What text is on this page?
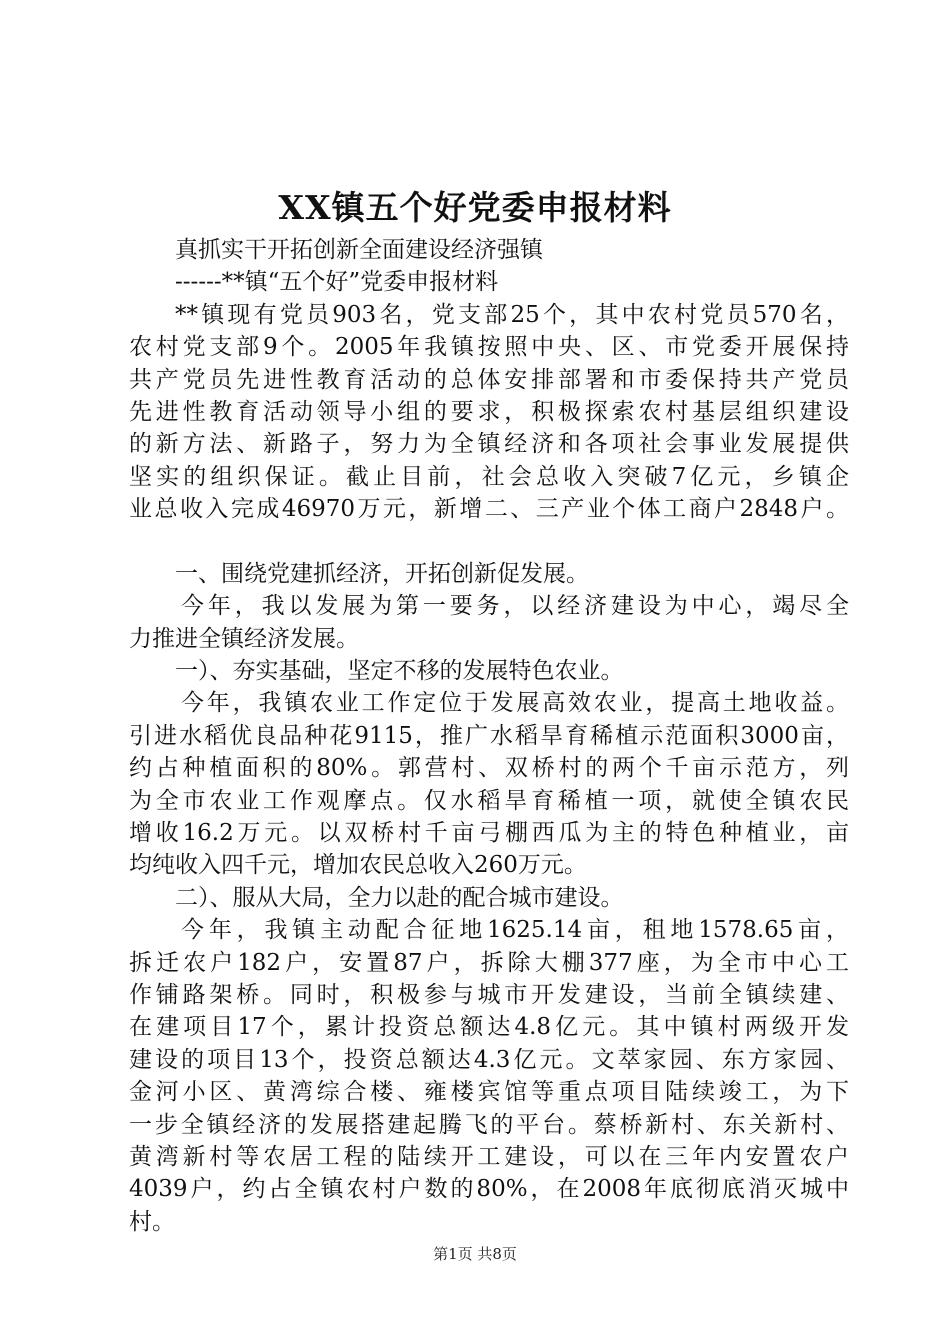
XX镇五个好党委申报材料
真抓实干开拓创新全面建设经济强镇
------**镇“五个好”党委申报材料
**镇现有党员903名，党支部25个，其中农村党员570名，
农村党支部9个。2005年我镇按照中央、区、市党委开展保持
共产党员先进性教育活动的总体安排部署和市委保持共产党员
先进性教育活动领导小组的要求，积极探索农村基层组织建设
的新方法、新路子，努力为全镇经济和各项社会事业发展提供
坚实的组织保证。截止目前，社会总收入突破7亿元，乡镇企
业总收入完成46970万元，新增二、三产业个体工商户2848户。
一、围绕党建抓经济，开拓创新促发展。
今年，我以发展为第一要务，以经济建设为中心，竭尽全
力推进全镇经济发展。
一）、夯实基础，坚定不移的发展特色农业。
今年，我镇农业工作定位于发展高效农业，提高土地收益。
引进水稻优良品种花9115，推广水稻旱育稀植示范面积3000亩，
约占种植面积的80%。郭营村、双桥村的两个千亩示范方，列
为全市农业工作观摩点。仅水稻旱育稀植一项，就使全镇农民
增收16.2万元。以双桥村千亩弓棚西瓜为主的特色种植业，亩
均纯收入四千元，增加农民总收入260万元。
二）、服从大局，全力以赴的配合城市建设。
今年，我镇主动配合征地1625.14亩，租地1578.65亩，
拆迁农户182户，安置87户，拆除大棚377座，为全市中心工
作铺路架桥。同时，积极参与城市开发建设，当前全镇续建、
在建项目17个，累计投资总额达4.8亿元。其中镇村两级开发
建设的项目13个，投资总额达4.3亿元。文萃家园、东方家园、
金河小区、黄湾综合楼、雍楼宾馆等重点项目陆续竣工，为下
一步全镇经济的发展搭建起腾飞的平台。蔡桥新村、东关新村、
黄湾新村等农居工程的陆续开工建设，可以在三年内安置农户
4039户，约占全镇农村户数的80%，在2008年底彻底消灭城中
村。
第1页 共8页
